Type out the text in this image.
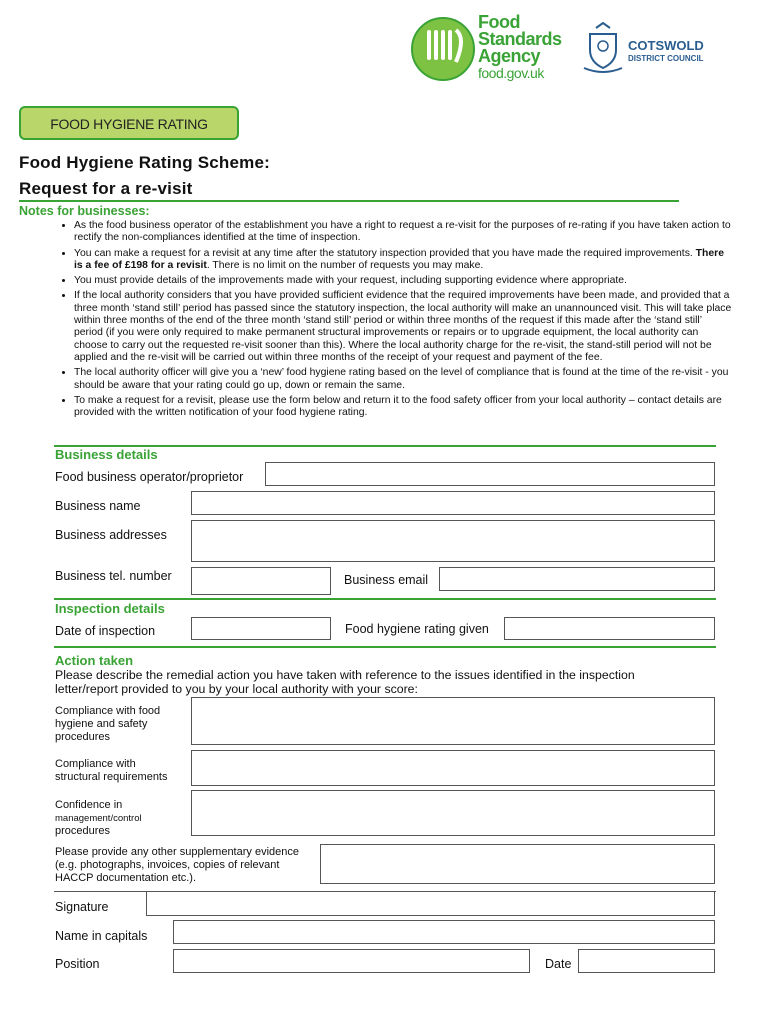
Food
Standards
Agency
food.gov.uk
COTSWOLD
DISTRICT COUNCIL
FOOD HYGIENE RATING
Food Hygiene Rating Scheme:
Request for a re-visit
Notes for businesses:
• As the food business operator of the establishment you have a right to request a re-visit for the purposes of re-rating if you have taken action to rectify the non-compliances identified at the time of inspection.
• You can make a request for a revisit at any time after the statutory inspection provided that you have made the required improvements. There is a fee of £198 for a revisit. There is no limit on the number of requests you may make.
• You must provide details of the improvements made with your request, including supporting evidence where appropriate.
• If the local authority considers that you have provided sufficient evidence that the required improvements have been made, and provided that a three month ‘stand still’ period has passed since the statutory inspection, the local authority will make an unannounced visit. This will take place within three months of the end of the three month ‘stand still’ period or within three months of the request if this made after the ‘stand still’ period (if you were only required to make permanent structural improvements or repairs or to upgrade equipment, the local authority can choose to carry out the requested re-visit sooner than this). Where the local authority charge for the re-visit, the stand-still period will not be applied and the re-visit will be carried out within three months of the receipt of your request and payment of the fee.
• The local authority officer will give you a ‘new’ food hygiene rating based on the level of compliance that is found at the time of the re-visit - you should be aware that your rating could go up, down or remain the same.
• To make a request for a revisit, please use the form below and return it to the food safety officer from your local authority – contact details are provided with the written notification of your food hygiene rating.
Business details
Food business operator/proprietor
Business name
Business addresses
Business tel. number	Business email
Inspection details
Date of inspection	Food hygiene rating given
Action taken
Please describe the remedial action you have taken with reference to the issues identified in the inspection letter/report provided to you by your local authority with your score:
Compliance with food
hygiene and safety
procedures
Compliance with
structural requirements
Confidence in
management/control
procedures
Please provide any other supplementary evidence
(e.g. photographs, invoices, copies of relevant
HACCP documentation etc.).
Signature
Name in capitals
Position	Date
